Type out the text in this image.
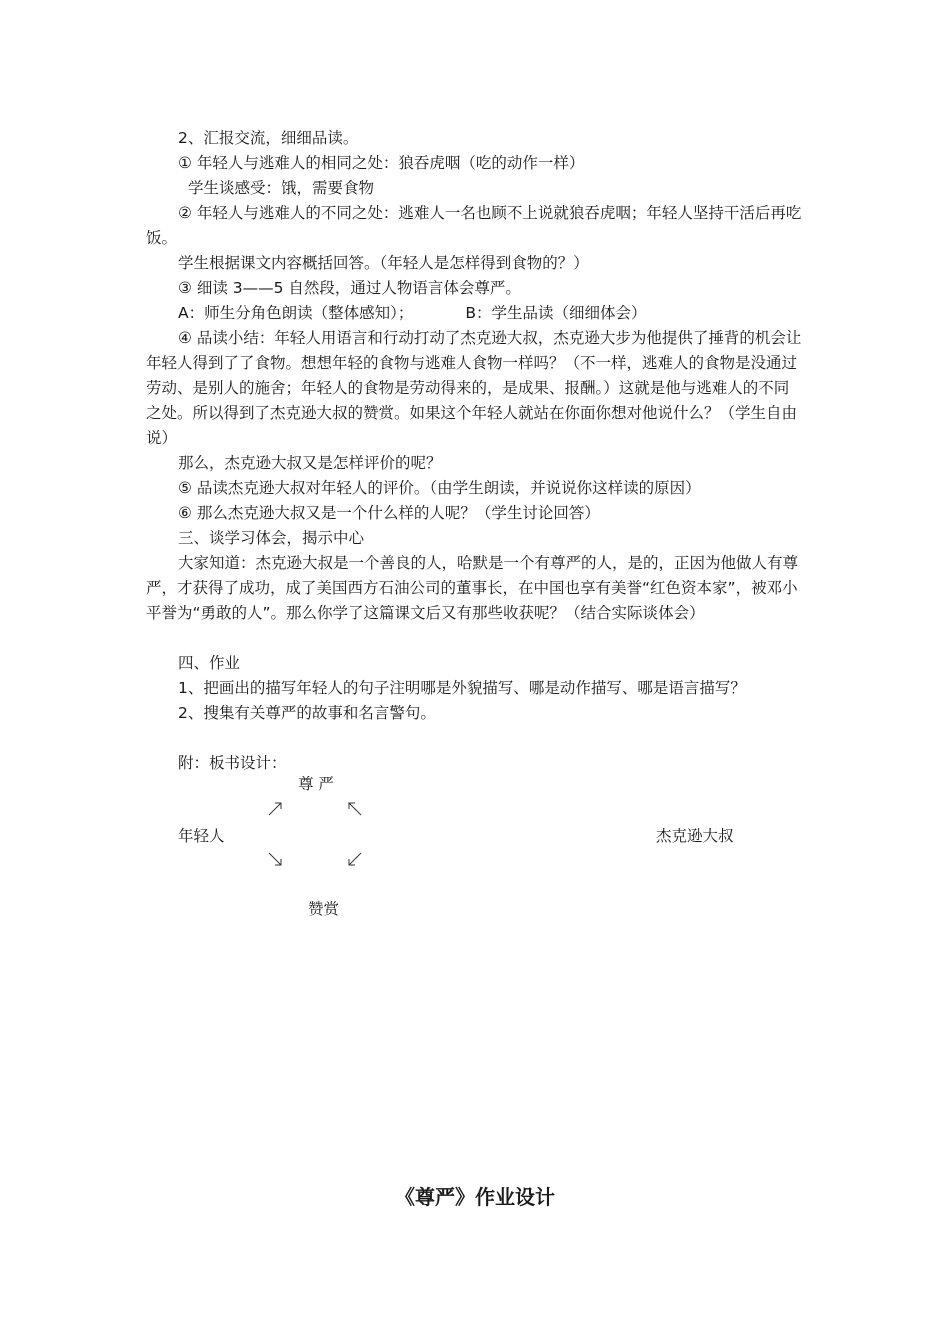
2、汇报交流，细细品读。

① 年轻人与逃难人的相同之处：狼吞虎咽（吃的动作一样）

学生谈感受：饿，需要食物

② 年轻人与逃难人的不同之处：逃难人一名也顾不上说就狼吞虎咽；年轻人坚持干活后再吃饭。

学生根据课文内容概括回答。（年轻人是怎样得到食物的？）

③ 细读 3——5 自然段，通过人物语言体会尊严。

A：师生分角色朗读（整体感知）；	B：学生品读（细细体会）

④ 品读小结：年轻人用语言和行动打动了杰克逊大叔，杰克逊大步为他提供了捶背的机会让年轻人得到了了食物。想想年轻的食物与逃难人食物一样吗？（不一样，逃难人的食物是没通过劳动、是别人的施舍；年轻人的食物是劳动得来的，是成果、报酬。）这就是他与逃难人的不同之处。所以得到了杰克逊大叔的赞赏。如果这个年轻人就站在你面你想对他说什么？（学生自由说）

那么，杰克逊大叔又是怎样评价的呢？

⑤ 品读杰克逊大叔对年轻人的评价。（由学生朗读，并说说你这样读的原因）

⑥ 那么杰克逊大叔又是一个什么样的人呢？（学生讨论回答）

三、谈学习体会，揭示中心

大家知道：杰克逊大叔是一个善良的人，哈默是一个有尊严的人，是的，正因为他做人有尊严，才获得了成功，成了美国西方石油公司的董事长，在中国也享有美誉“红色资本家”，被邓小平誉为“勇敢的人”。那么你学了这篇课文后又有那些收获呢？（结合实际谈体会）

四、作业

1、把画出的描写年轻人的句子注明哪是外貌描写、哪是动作描写、哪是语言描写？

2、搜集有关尊严的故事和名言警句。

附：板书设计：

尊 严
年轻人	杰克逊大叔
赞赏
《尊严》作业设计
